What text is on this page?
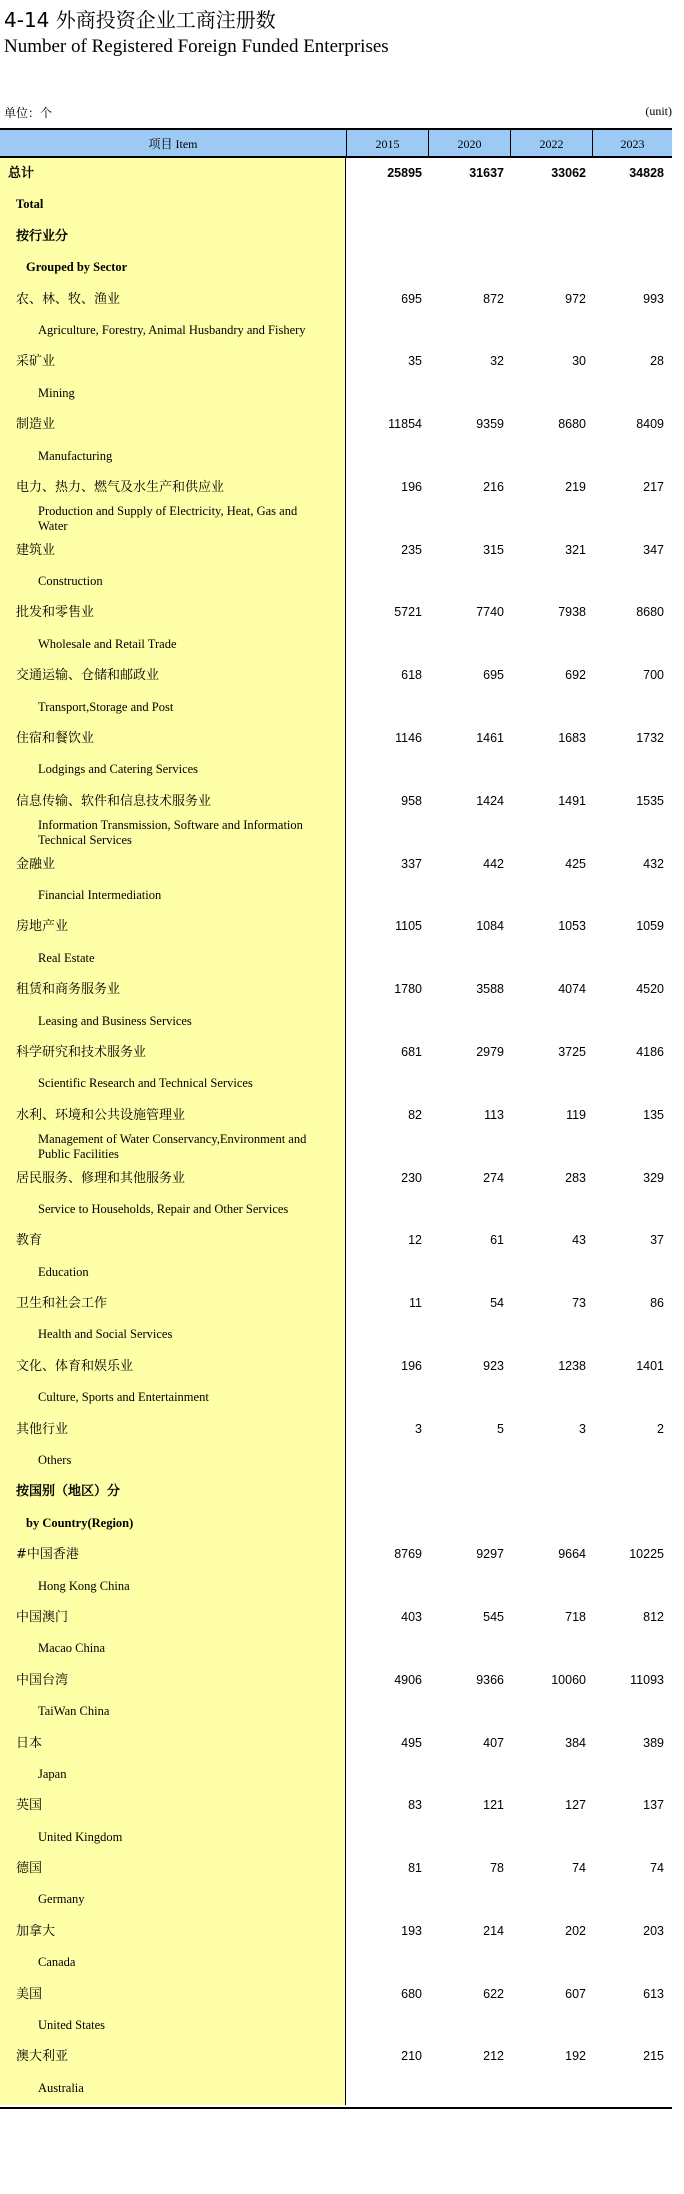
4-14 外商投资企业工商注册数
Number of Registered Foreign Funded Enterprises
单位：个	(unit)
项目 Item	2015	2020	2022	2023
总计	25895	31637	33062	34828
Total
按行业分
Grouped by Sector
农、林、牧、渔业	695	872	972	993
Agriculture, Forestry, Animal Husbandry and Fishery
采矿业	35	32	30	28
Mining
制造业	11854	9359	8680	8409
Manufacturing
电力、热力、燃气及水生产和供应业	196	216	219	217
Production and Supply of Electricity, Heat, Gas and Water
建筑业	235	315	321	347
Construction
批发和零售业	5721	7740	7938	8680
Wholesale and Retail Trade
交通运输、仓储和邮政业	618	695	692	700
Transport,Storage and Post
住宿和餐饮业	1146	1461	1683	1732
Lodgings and Catering Services
信息传输、软件和信息技术服务业	958	1424	1491	1535
Information Transmission, Software and Information Technical Services
金融业	337	442	425	432
Financial Intermediation
房地产业	1105	1084	1053	1059
Real Estate
租赁和商务服务业	1780	3588	4074	4520
Leasing and Business Services
科学研究和技术服务业	681	2979	3725	4186
Scientific Research and Technical Services
水利、环境和公共设施管理业	82	113	119	135
Management of Water Conservancy,Environment and Public Facilities
居民服务、修理和其他服务业	230	274	283	329
Service to Households, Repair and Other Services
教育	12	61	43	37
Education
卫生和社会工作	11	54	73	86
Health and Social Services
文化、体育和娱乐业	196	923	1238	1401
Culture, Sports and Entertainment
其他行业	3	5	3	2
Others
按国别（地区）分
by Country(Region)
#中国香港	8769	9297	9664	10225
Hong Kong China
中国澳门	403	545	718	812
Macao China
中国台湾	4906	9366	10060	11093
TaiWan China
日本	495	407	384	389
Japan
英国	83	121	127	137
United Kingdom
德国	81	78	74	74
Germany
加拿大	193	214	202	203
Canada
美国	680	622	607	613
United States
澳大利亚	210	212	192	215
Australia
